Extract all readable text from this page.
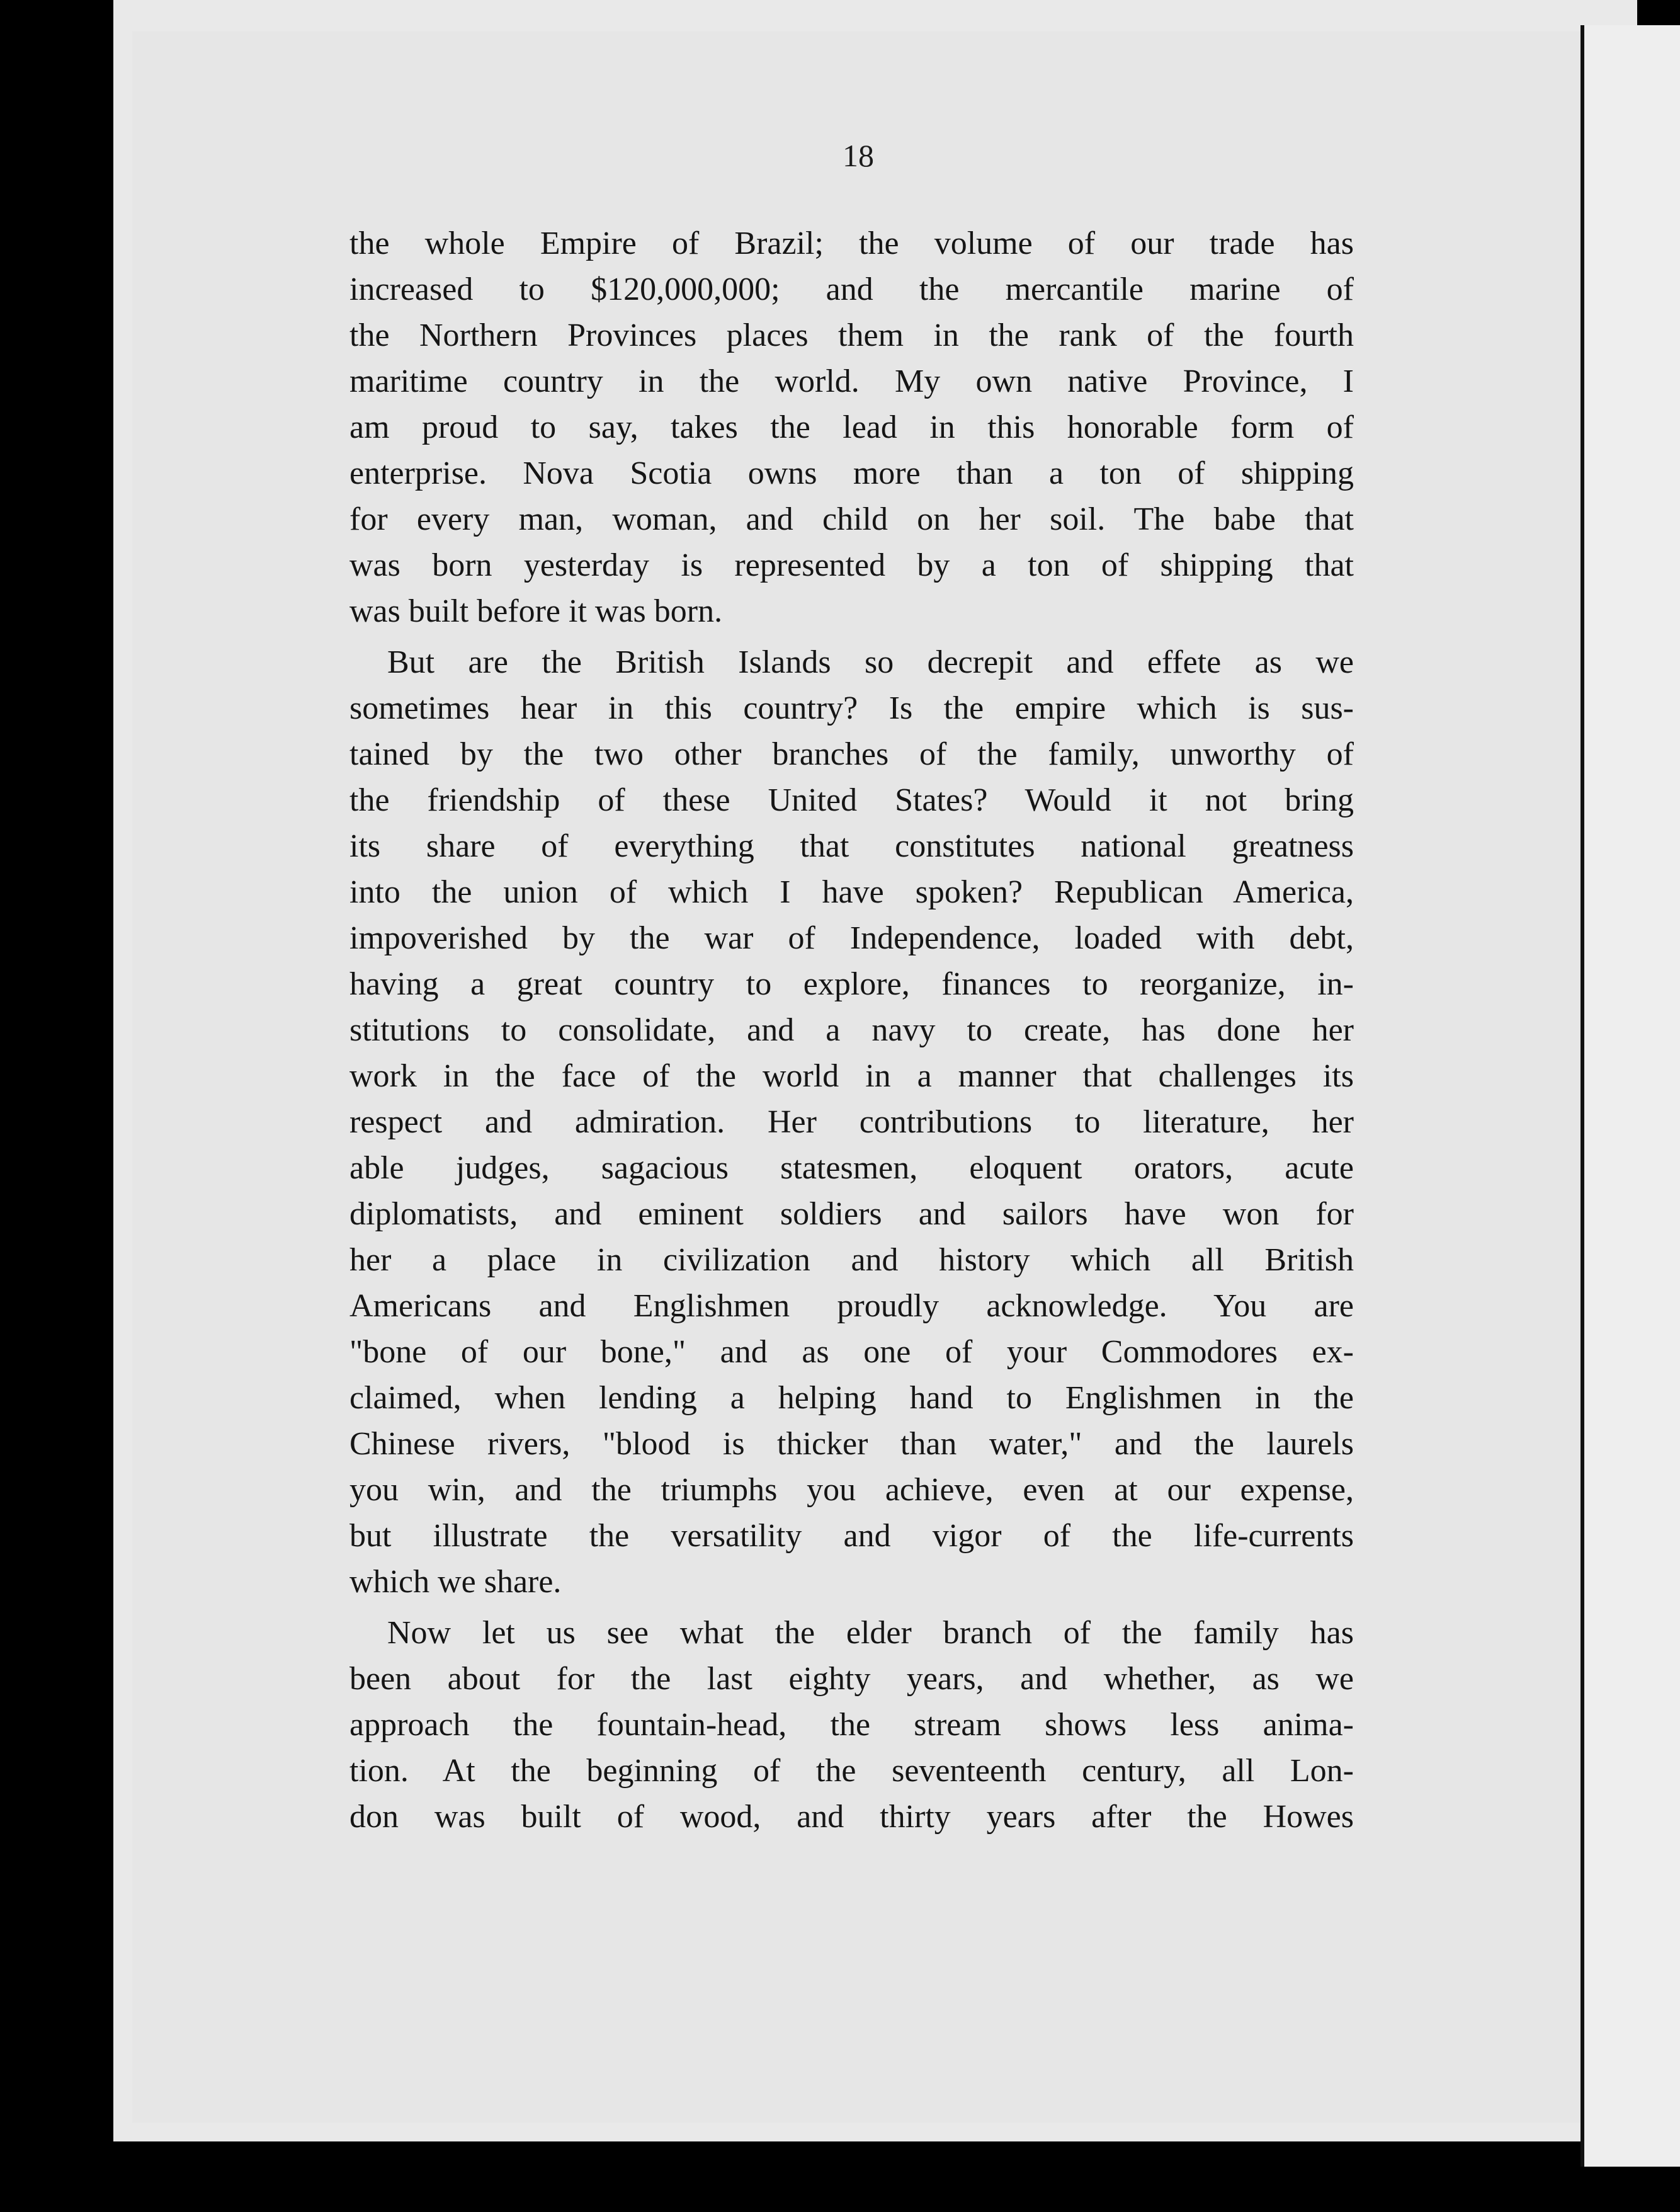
18
the whole Empire of Brazil; the volume of our trade has
increased to $120,000,000; and the mercantile marine of
the Northern Provinces places them in the rank of the fourth
maritime country in the world. My own native Province, I
am proud to say, takes the lead in this honorable form of
enterprise. Nova Scotia owns more than a ton of shipping
for every man, woman, and child on her soil. The babe that
was born yesterday is represented by a ton of shipping that
was built before it was born.
But are the British Islands so decrepit and effete as we
sometimes hear in this country? Is the empire which is sus-
tained by the two other branches of the family, unworthy of
the friendship of these United States? Would it not bring
its share of everything that constitutes national greatness
into the union of which I have spoken? Republican America,
impoverished by the war of Independence, loaded with debt,
having a great country to explore, finances to reorganize, in-
stitutions to consolidate, and a navy to create, has done her
work in the face of the world in a manner that challenges its
respect and admiration. Her contributions to literature, her
able judges, sagacious statesmen, eloquent orators, acute
diplomatists, and eminent soldiers and sailors have won for
her a place in civilization and history which all British
Americans and Englishmen proudly acknowledge. You are
"bone of our bone," and as one of your Commodores ex-
claimed, when lending a helping hand to Englishmen in the
Chinese rivers, "blood is thicker than water," and the laurels
you win, and the triumphs you achieve, even at our expense,
but illustrate the versatility and vigor of the life-currents
which we share.
Now let us see what the elder branch of the family has
been about for the last eighty years, and whether, as we
approach the fountain-head, the stream shows less anima-
tion. At the beginning of the seventeenth century, all Lon-
don was built of wood, and thirty years after the Howes
